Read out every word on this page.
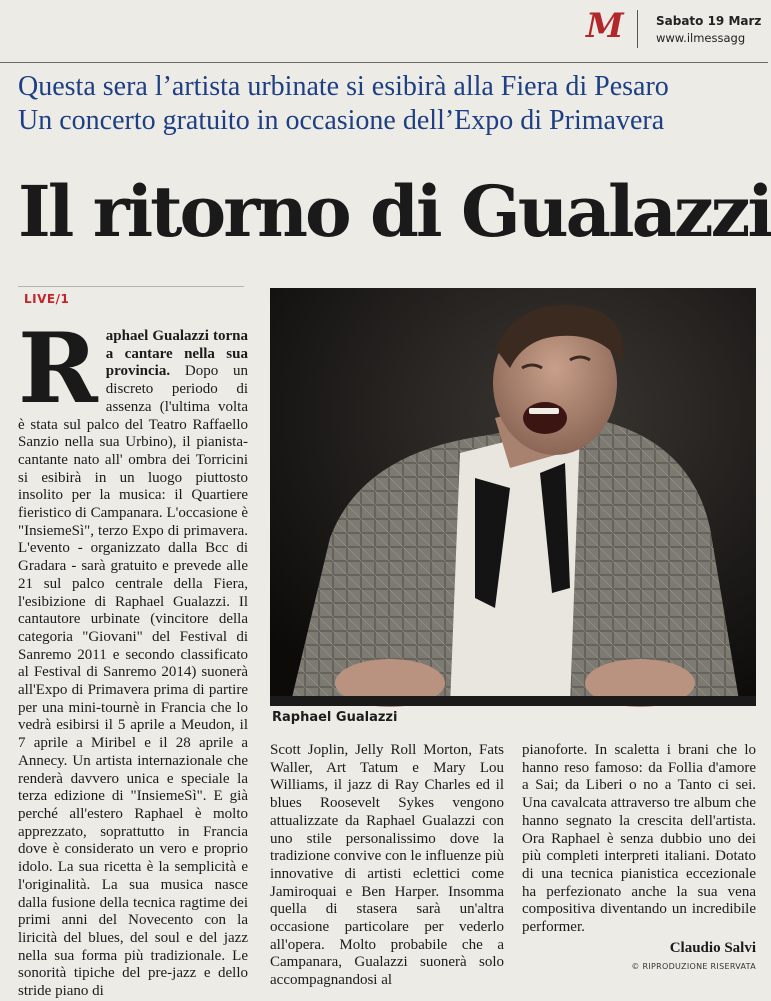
M	Sabato 19 Marz
www.ilmessagg
Questa sera l’artista urbinate si esibirà alla Fiera di Pesaro
Un concerto gratuito in occasione dell’Expo di Primavera
Il ritorno di Gualazzi
LIVE/1
Raphael Gualazzi torna a cantare nella sua provincia. Dopo un discreto periodo di assenza (l'ultima volta è stata sul palco del Teatro Raffaello Sanzio nella sua Urbino), il pianista-cantante nato all' ombra dei Torricini si esibirà in un luogo piuttosto insolito per la musica: il Quartiere fieristico di Campanara. L'occasione è "InsiemeSì", terzo Expo di primavera. L'evento - organizzato dalla Bcc di Gradara - sarà gratuito e prevede alle 21 sul palco centrale della Fiera, l'esibizione di Raphael Gualazzi. Il cantautore urbinate (vincitore della categoria "Giovani" del Festival di Sanremo 2011 e secondo classificato al Festival di Sanremo 2014) suonerà all'Expo di Primavera prima di partire per una mini-tournè in Francia che lo vedrà esibirsi il 5 aprile a Meudon, il 7 aprile a Miribel e il 28 aprile a Annecy. Un artista internazionale che renderà davvero unica e speciale la terza edizione di "InsiemeSì". E già perché all'estero Raphael è molto apprezzato, soprattutto in Francia dove è considerato un vero e proprio idolo. La sua ricetta è la semplicità e l'originalità. La sua musica nasce dalla fusione della tecnica ragtime dei primi anni del Novecento con la liricità del blues, del soul e del jazz nella sua forma più tradizionale. Le sonorità tipiche del pre-jazz e dello stride piano di
Raphael Gualazzi
Scott Joplin, Jelly Roll Morton, Fats Waller, Art Tatum e Mary Lou Williams, il jazz di Ray Charles ed il blues Roosevelt Sykes vengono attualizzate da Raphael Gualazzi con uno stile personalissimo dove la tradizione convive con le influenze più innovative di artisti eclettici come Jamiroquai e Ben Harper. Insomma quella di stasera sarà un'altra occasione particolare per vederlo all'opera. Molto probabile che a Campanara, Gualazzi suonerà solo accompagnandosi al
pianoforte. In scaletta i brani che lo hanno reso famoso: da Follia d'amore a Sai; da Liberi o no a Tanto ci sei. Una cavalcata attraverso tre album che hanno segnato la crescita dell'artista. Ora Raphael è senza dubbio uno dei più completi interpreti italiani. Dotato di una tecnica pianistica eccezionale ha perfezionato anche la sua vena compositiva diventando un incredibile performer.
Claudio Salvi
© RIPRODUZIONE RISERVATA
